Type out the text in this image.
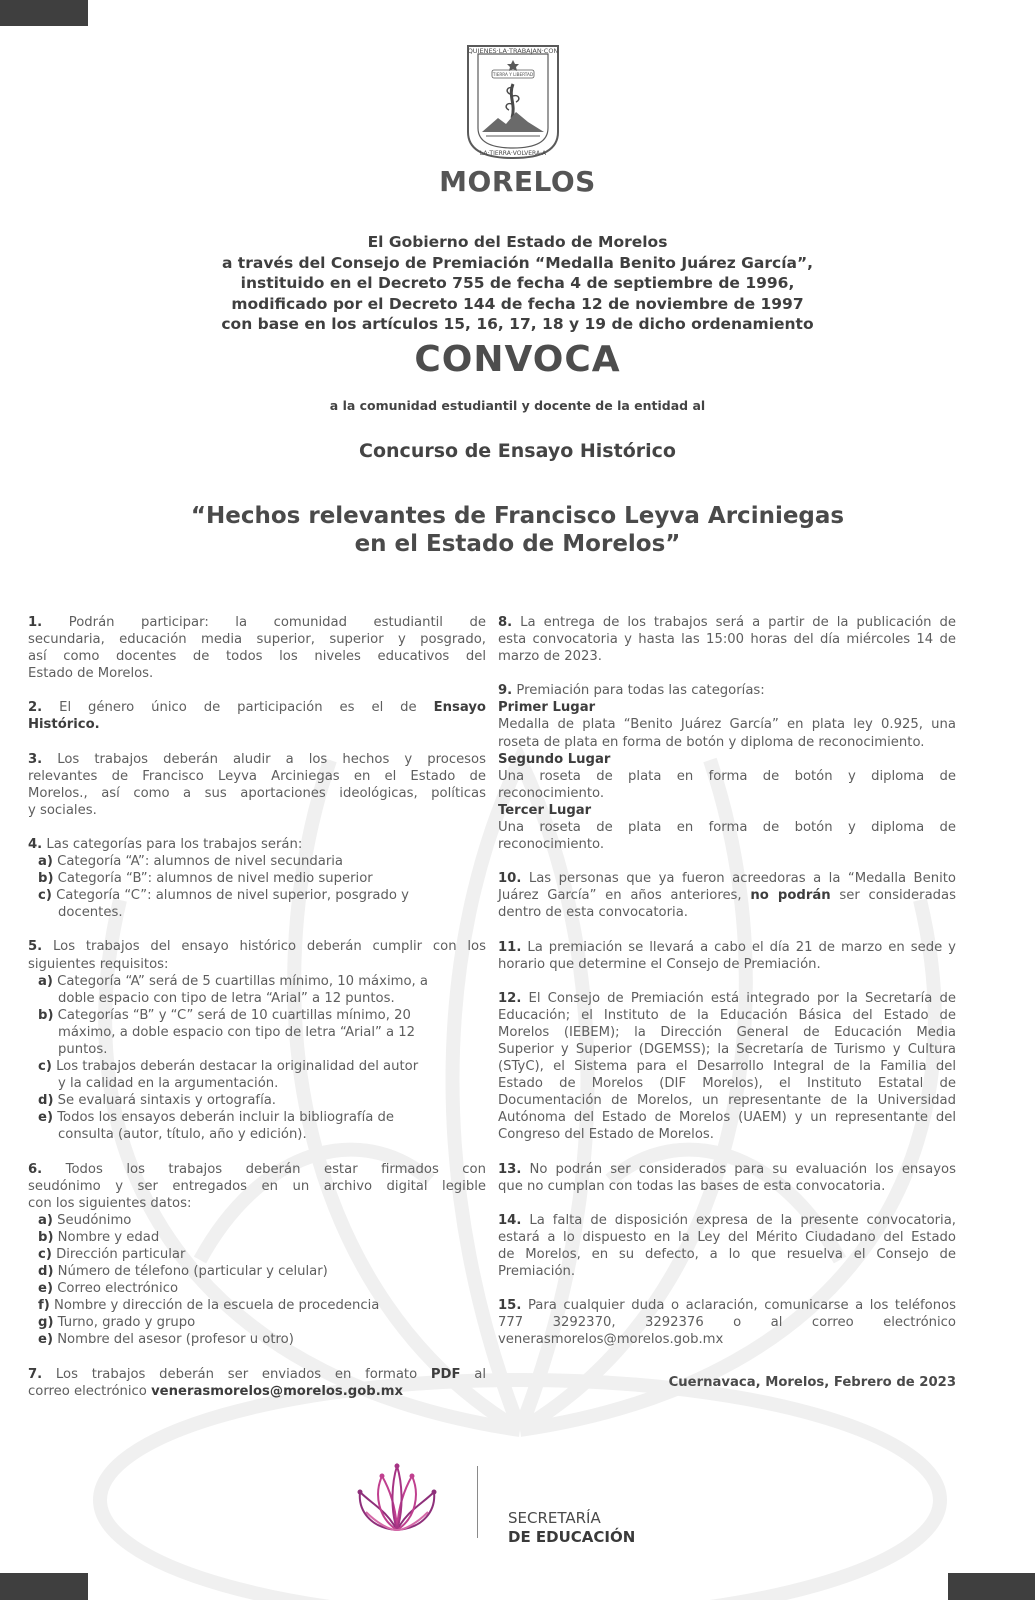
QUIENES·LA·TRABAJAN·CON
LA·TIERRA·VOLVERA·A
TIERRA Y LIBERTAD
MORELOS
El Gobierno del Estado de Morelos
a través del Consejo de Premiación “Medalla Benito Juárez García”,
instituido en el Decreto 755 de fecha 4 de septiembre de 1996,
modificado por el Decreto 144 de fecha 12 de noviembre de 1997
con base en los artículos 15, 16, 17, 18 y 19 de dicho ordenamiento
CONVOCA
a la comunidad estudiantil y docente de la entidad al
Concurso de Ensayo Histórico
“Hechos relevantes de Francisco Leyva Arciniegas
en el Estado de Morelos”
1. Podrán participar: la comunidad estudiantil de
secundaria, educación media superior, superior y posgrado,
así como docentes de todos los niveles educativos del
Estado de Morelos.
2. El género único de participación es el de Ensayo
Histórico.
3. Los trabajos deberán aludir a los hechos y procesos
relevantes de Francisco Leyva Arciniegas en el Estado de
Morelos., así como a sus aportaciones ideológicas, políticas
y sociales.
4. Las categorías para los trabajos serán:
a) Categoría “A”: alumnos de nivel secundaria
b) Categoría “B”: alumnos de nivel medio superior
c) Categoría “C”: alumnos de nivel superior, posgrado y
docentes.
5. Los trabajos del ensayo histórico deberán cumplir con los
siguientes requisitos:
a) Categoría “A” será de 5 cuartillas mínimo, 10 máximo, a
doble espacio con tipo de letra “Arial” a 12 puntos.
b) Categorías “B” y “C” será de 10 cuartillas mínimo, 20
máximo, a doble espacio con tipo de letra “Arial” a 12
puntos.
c) Los trabajos deberán destacar la originalidad del autor
y la calidad en la argumentación.
d) Se evaluará sintaxis y ortografía.
e) Todos los ensayos deberán incluir la bibliografía de
consulta (autor, título, año y edición).
6. Todos los trabajos deberán estar firmados con
seudónimo y ser entregados en un archivo digital legible
con los siguientes datos:
a) Seudónimo
b) Nombre y edad
c) Dirección particular
d) Número de télefono (particular y celular)
e) Correo electrónico
f) Nombre y dirección de la escuela de procedencia
g) Turno, grado y grupo
e) Nombre del asesor (profesor u otro)
7. Los trabajos deberán ser enviados en formato PDF al
correo electrónico venerasmorelos@morelos.gob.mx
8. La entrega de los trabajos será a partir de la publicación de
esta convocatoria y hasta las 15:00 horas del día miércoles 14 de
marzo de 2023.
9. Premiación para todas las categorías:
Primer Lugar
Medalla de plata “Benito Juárez García” en plata ley 0.925, una
roseta de plata en forma de botón y diploma de reconocimiento.
Segundo Lugar
Una roseta de plata en forma de botón y diploma de
reconocimiento.
Tercer Lugar
Una roseta de plata en forma de botón y diploma de
reconocimiento.
10. Las personas que ya fueron acreedoras a la “Medalla Benito
Juárez García” en años anteriores, no podrán ser consideradas
dentro de esta convocatoria.
11. La premiación se llevará a cabo el día 21 de marzo en sede y
horario que determine el Consejo de Premiación.
12. El Consejo de Premiación está integrado por la Secretaría de
Educación; el Instituto de la Educación Básica del Estado de
Morelos (IEBEM); la Dirección General de Educación Media
Superior y Superior (DGEMSS); la Secretaría de Turismo y Cultura
(STyC), el Sistema para el Desarrollo Integral de la Familia del
Estado de Morelos (DIF Morelos), el Instituto Estatal de
Documentación de Morelos, un representante de la Universidad
Autónoma del Estado de Morelos (UAEM) y un representante del
Congreso del Estado de Morelos.
13. No podrán ser considerados para su evaluación los ensayos
que no cumplan con todas las bases de esta convocatoria.
14. La falta de disposición expresa de la presente convocatoria,
estará a lo dispuesto en la Ley del Mérito Ciudadano del Estado
de Morelos, en su defecto, a lo que resuelva el Consejo de
Premiación.
15. Para cualquier duda o aclaración, comunicarse a los teléfonos
777       3292370,       3292376       o       al       correo       electrónico
venerasmorelos@morelos.gob.mx
Cuernavaca, Morelos, Febrero de 2023
SECRETARÍA
DE EDUCACIÓN
